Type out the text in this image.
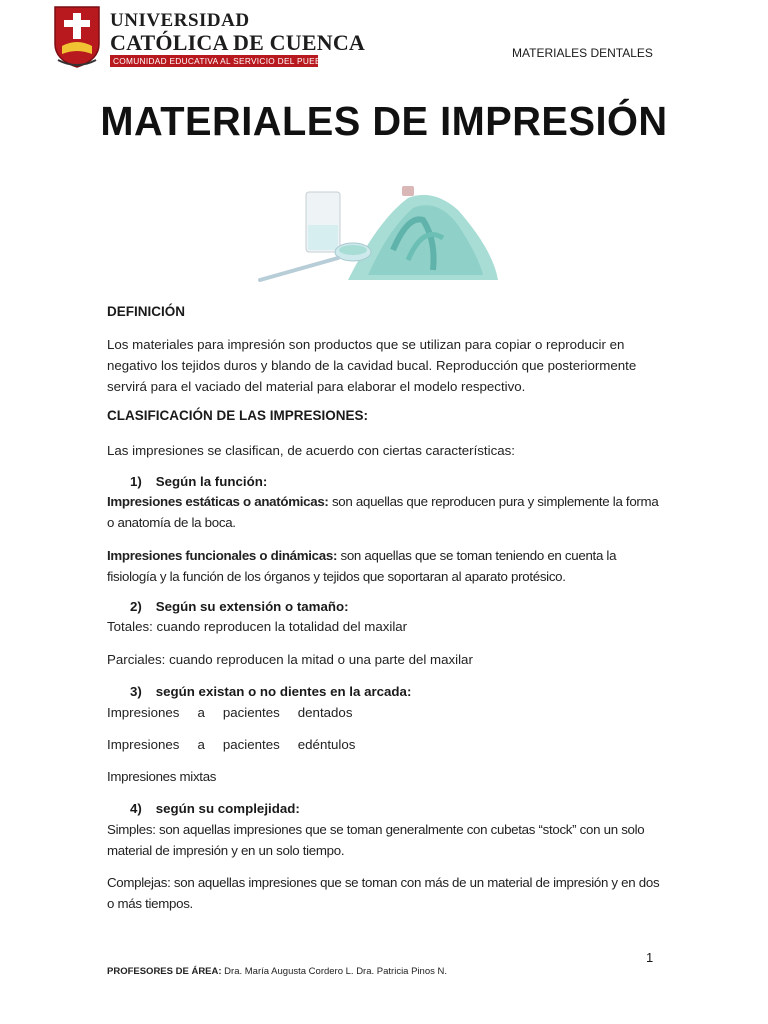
UNIVERSIDAD
CATÓLICA DE CUENCA
COMUNIDAD EDUCATIVA AL SERVICIO DEL PUEBLO
MATERIALES DENTALES
MATERIALES DE IMPRESIÓN
DEFINICIÓN
Los materiales para impresión son productos que se utilizan para copiar o reproducir en negativo los tejidos duros y blando de la cavidad bucal. Reproducción que posteriormente servirá para el vaciado del material para elaborar el modelo respectivo.
CLASIFICACIÓN DE LAS IMPRESIONES:
Las impresiones se clasifican, de acuerdo con ciertas características:
1) Según la función:
Impresiones estáticas o anatómicas: son aquellas que reproducen pura y simplemente la forma o anatomía de la boca.
Impresiones funcionales o dinámicas: son aquellas que se toman teniendo en cuenta la fisiología y la función de los órganos y tejidos que soportaran al aparato protésico.
2) Según su extensión o tamaño:
Totales: cuando reproducen la totalidad del maxilar
Parciales: cuando reproducen la mitad o una parte del maxilar
3) según existan o no dientes en la arcada:
Impresiones a pacientes dentados
Impresiones a pacientes edéntulos
Impresiones mixtas
4) según su complejidad:
Simples: son aquellas impresiones que se toman generalmente con cubetas “stock” con un solo material de impresión y en un solo tiempo.
Complejas: son aquellas impresiones que se toman con más de un material de impresión y en dos o más tiempos.
1
PROFESORES DE ÁREA: Dra. María Augusta Cordero L. Dra. Patricia Pinos N.
